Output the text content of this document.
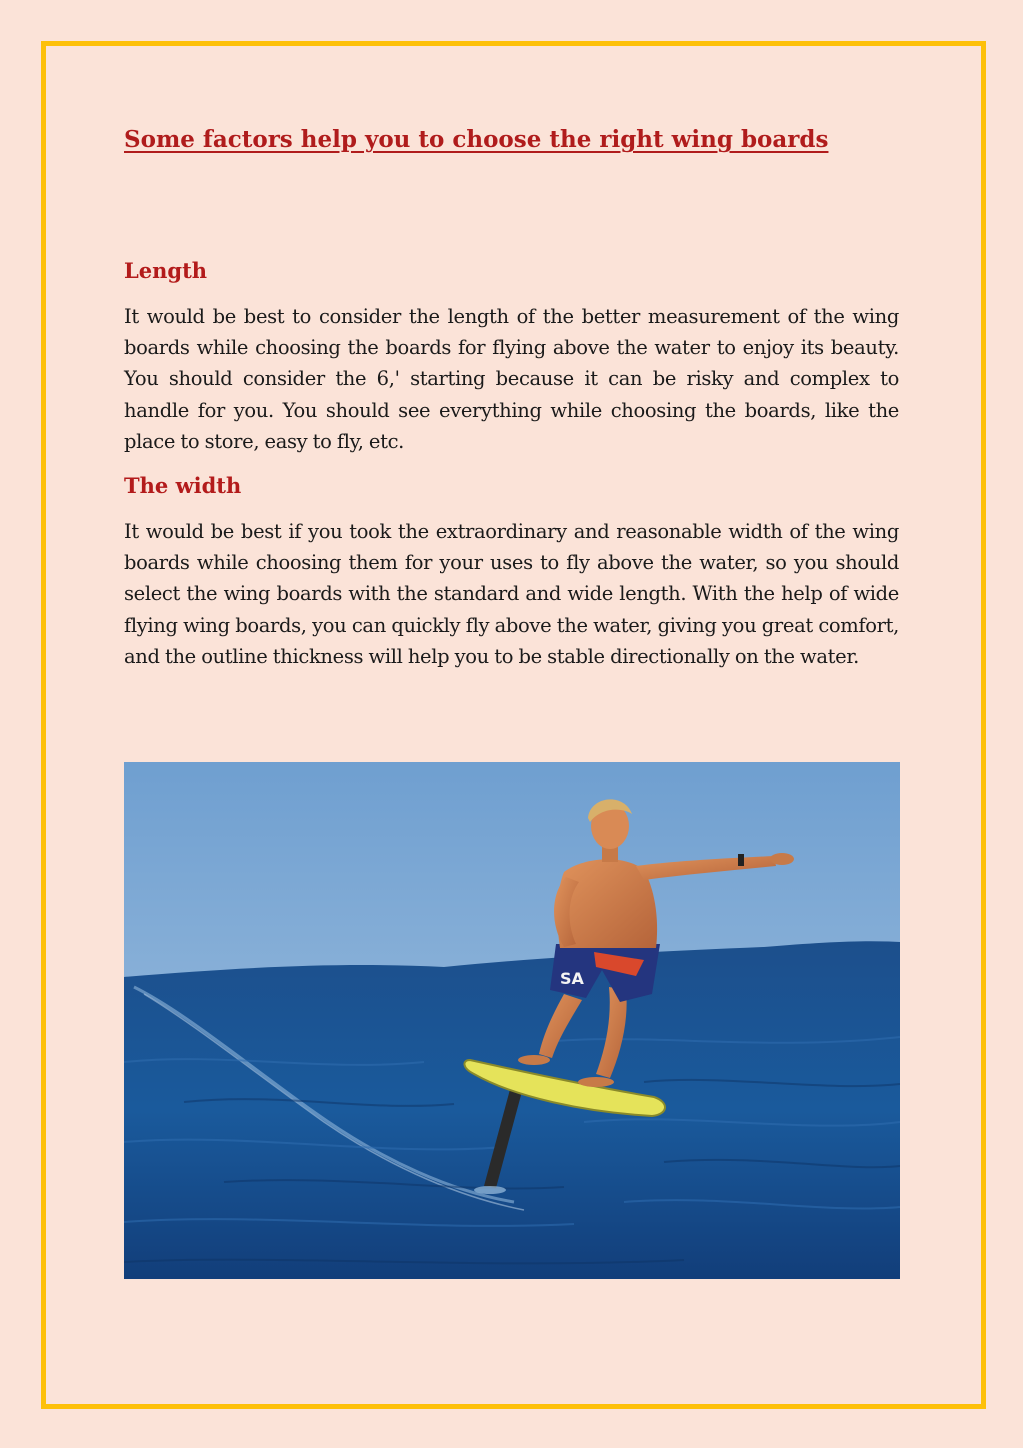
Some factors help you to choose the right wing boards
Length

It would be best to consider the length of the better measurement of the wing boards while choosing the boards for flying above the water to enjoy its beauty. You should consider the 6,' starting because it can be risky and complex to handle for you. You should see everything while choosing the boards, like the place to store, easy to fly, etc.

The width

It would be best if you took the extraordinary and reasonable width of the wing boards while choosing them for your uses to fly above the water, so you should select the wing boards with the standard and wide length. With the help of wide flying wing boards, you can quickly fly above the water, giving you great comfort, and the outline thickness will help you to be stable directionally on the water.

SA
